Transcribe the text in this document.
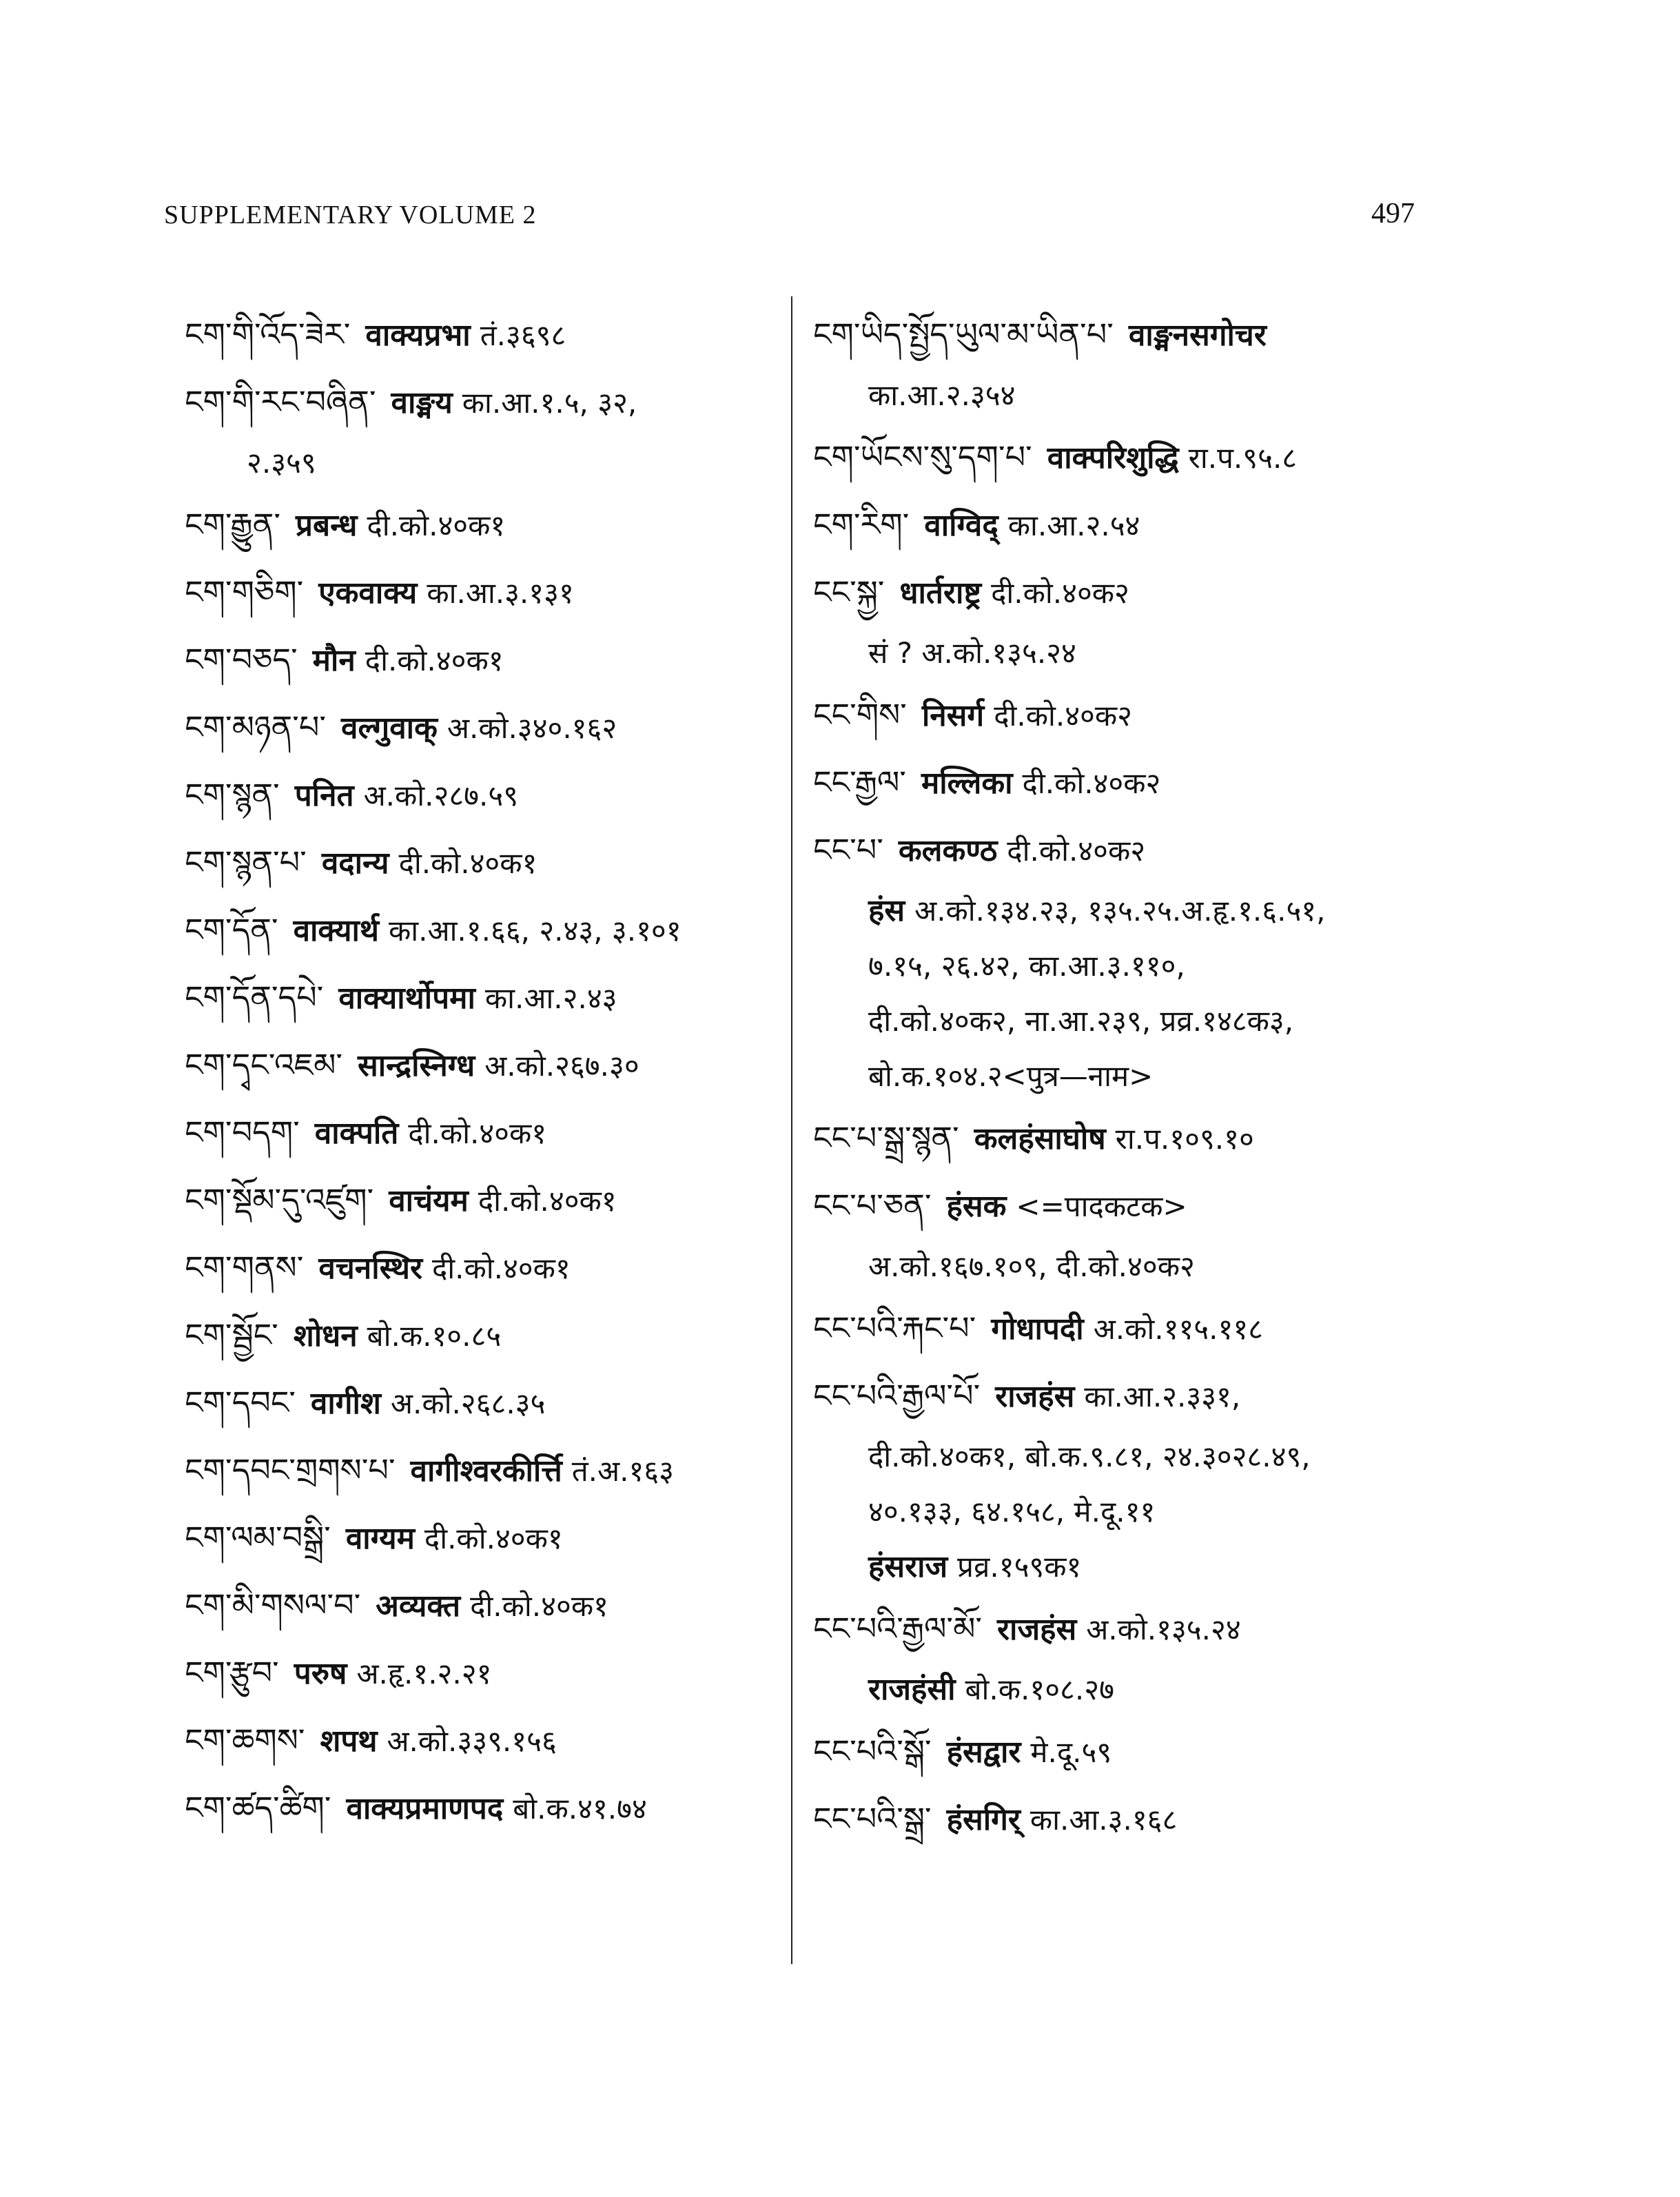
SUPPLEMENTARY VOLUME 2	497
ངག་གི་འོད་ཟེར་ वाक्यप्रभा तं.३६९८
ངག་གི་རང་བཞིན་ वाङ्मय का.आ.१.५, ३२,
२.३५९
ངག་རྒྱུན་ प्रबन्ध दी.को.४०क१
ངག་གཅིག་ एकवाक्य का.आ.३.१३१
ངག་བཅད་ मौन दी.को.४०क१
ངག་མཉན་པ་ वल्गुवाक् अ.को.३४०.१६२
ངག་སྙན་ पनित अ.को.२८७.५९
ངག་སྙན་པ་ वदान्य दी.को.४०क१
ངག་དོན་ वाक्यार्थ का.आ.१.६६, २.४३, ३.१०१
ངག་དོན་དཔེ་ वाक्यार्थोपमा का.आ.२.४३
ངག་དྭང་འཇམ་ सान्द्रस्निग्ध अ.को.२६७.३०
ངག་བདག་ वाक्पति दी.को.४०क१
ངག་སྡོམ་དུ་འཛུག་ वाचंयम दी.को.४०क१
ངག་གནས་ वचनस्थिर दी.को.४०क१
ངག་སྦྱོང་ शोधन बो.क.१०.८५
ངག་དབང་ वागीश अ.को.२६८.३५
ངག་དབང་གྲགས་པ་ वागीश्वरकीर्त्ति तं.अ.१६३
ངག་ལམ་བསྒྲི་ वाग्यम दी.को.४०क१
ངག་མི་གསལ་བ་ अव्यक्त दी.को.४०क१
ངག་རྩུབ་ परुष अ.हृ.१.२.२१
ངག་ཆགས་ शपथ अ.को.३३९.१५६
ངག་ཚད་ཚིག་ वाक्यप्रमाणपद बो.क.४१.७४
ངག་ཡིད་སྤྱོད་ཡུལ་མ་ཡིན་པ་ वाङ्मनसगोचर
का.आ.२.३५४
ངག་ཡོངས་སུ་དག་པ་ वाक्परिशुद्धि रा.प.९५.८
ངག་རིག་ वाग्विद् का.आ.२.५४
ངང་སྐྱ་ धार्तराष्ट्र दी.को.४०क२
सं ? अ.को.१३५.२४
ངང་གིས་ निसर्ग दी.को.४०क२
ངང་རྒྱལ་ मल्लिका दी.को.४०क२
ངང་པ་ कलकण्ठ दी.को.४०क२
हंस अ.को.१३४.२३, १३५.२५.अ.हृ.१.६.५१,
७.१५, २६.४२, का.आ.३.११०,
दी.को.४०क२, ना.आ.२३९, प्रव्र.१४८क३,
बो.क.१०४.२<पुत्र—नाम>
ངང་པ་སྒྲ་སྙན་ कलहंसाघोष रा.प.१०९.१०
ངང་པ་ཅན་ हंसक <=पादकटक>
अ.को.१६७.१०९, दी.को.४०क२
ངང་པའི་རྐང་པ་ गोधापदी अ.को.११५.११८
ངང་པའི་རྒྱལ་པོ་ राजहंस का.आ.२.३३१,
दी.को.४०क१, बो.क.९.८१, २४.३०२८.४९,
४०.१३३, ६४.१५८, मे.दू.११
हंसराज प्रव्र.१५९क१
ངང་པའི་རྒྱལ་མོ་ राजहंस अ.को.१३५.२४
राजहंसी बो.क.१०८.२७
ངང་པའི་སྒོ་ हंसद्वार मे.दू.५९
ངང་པའི་སྒྲ་ हंसगिर् का.आ.३.१६८
